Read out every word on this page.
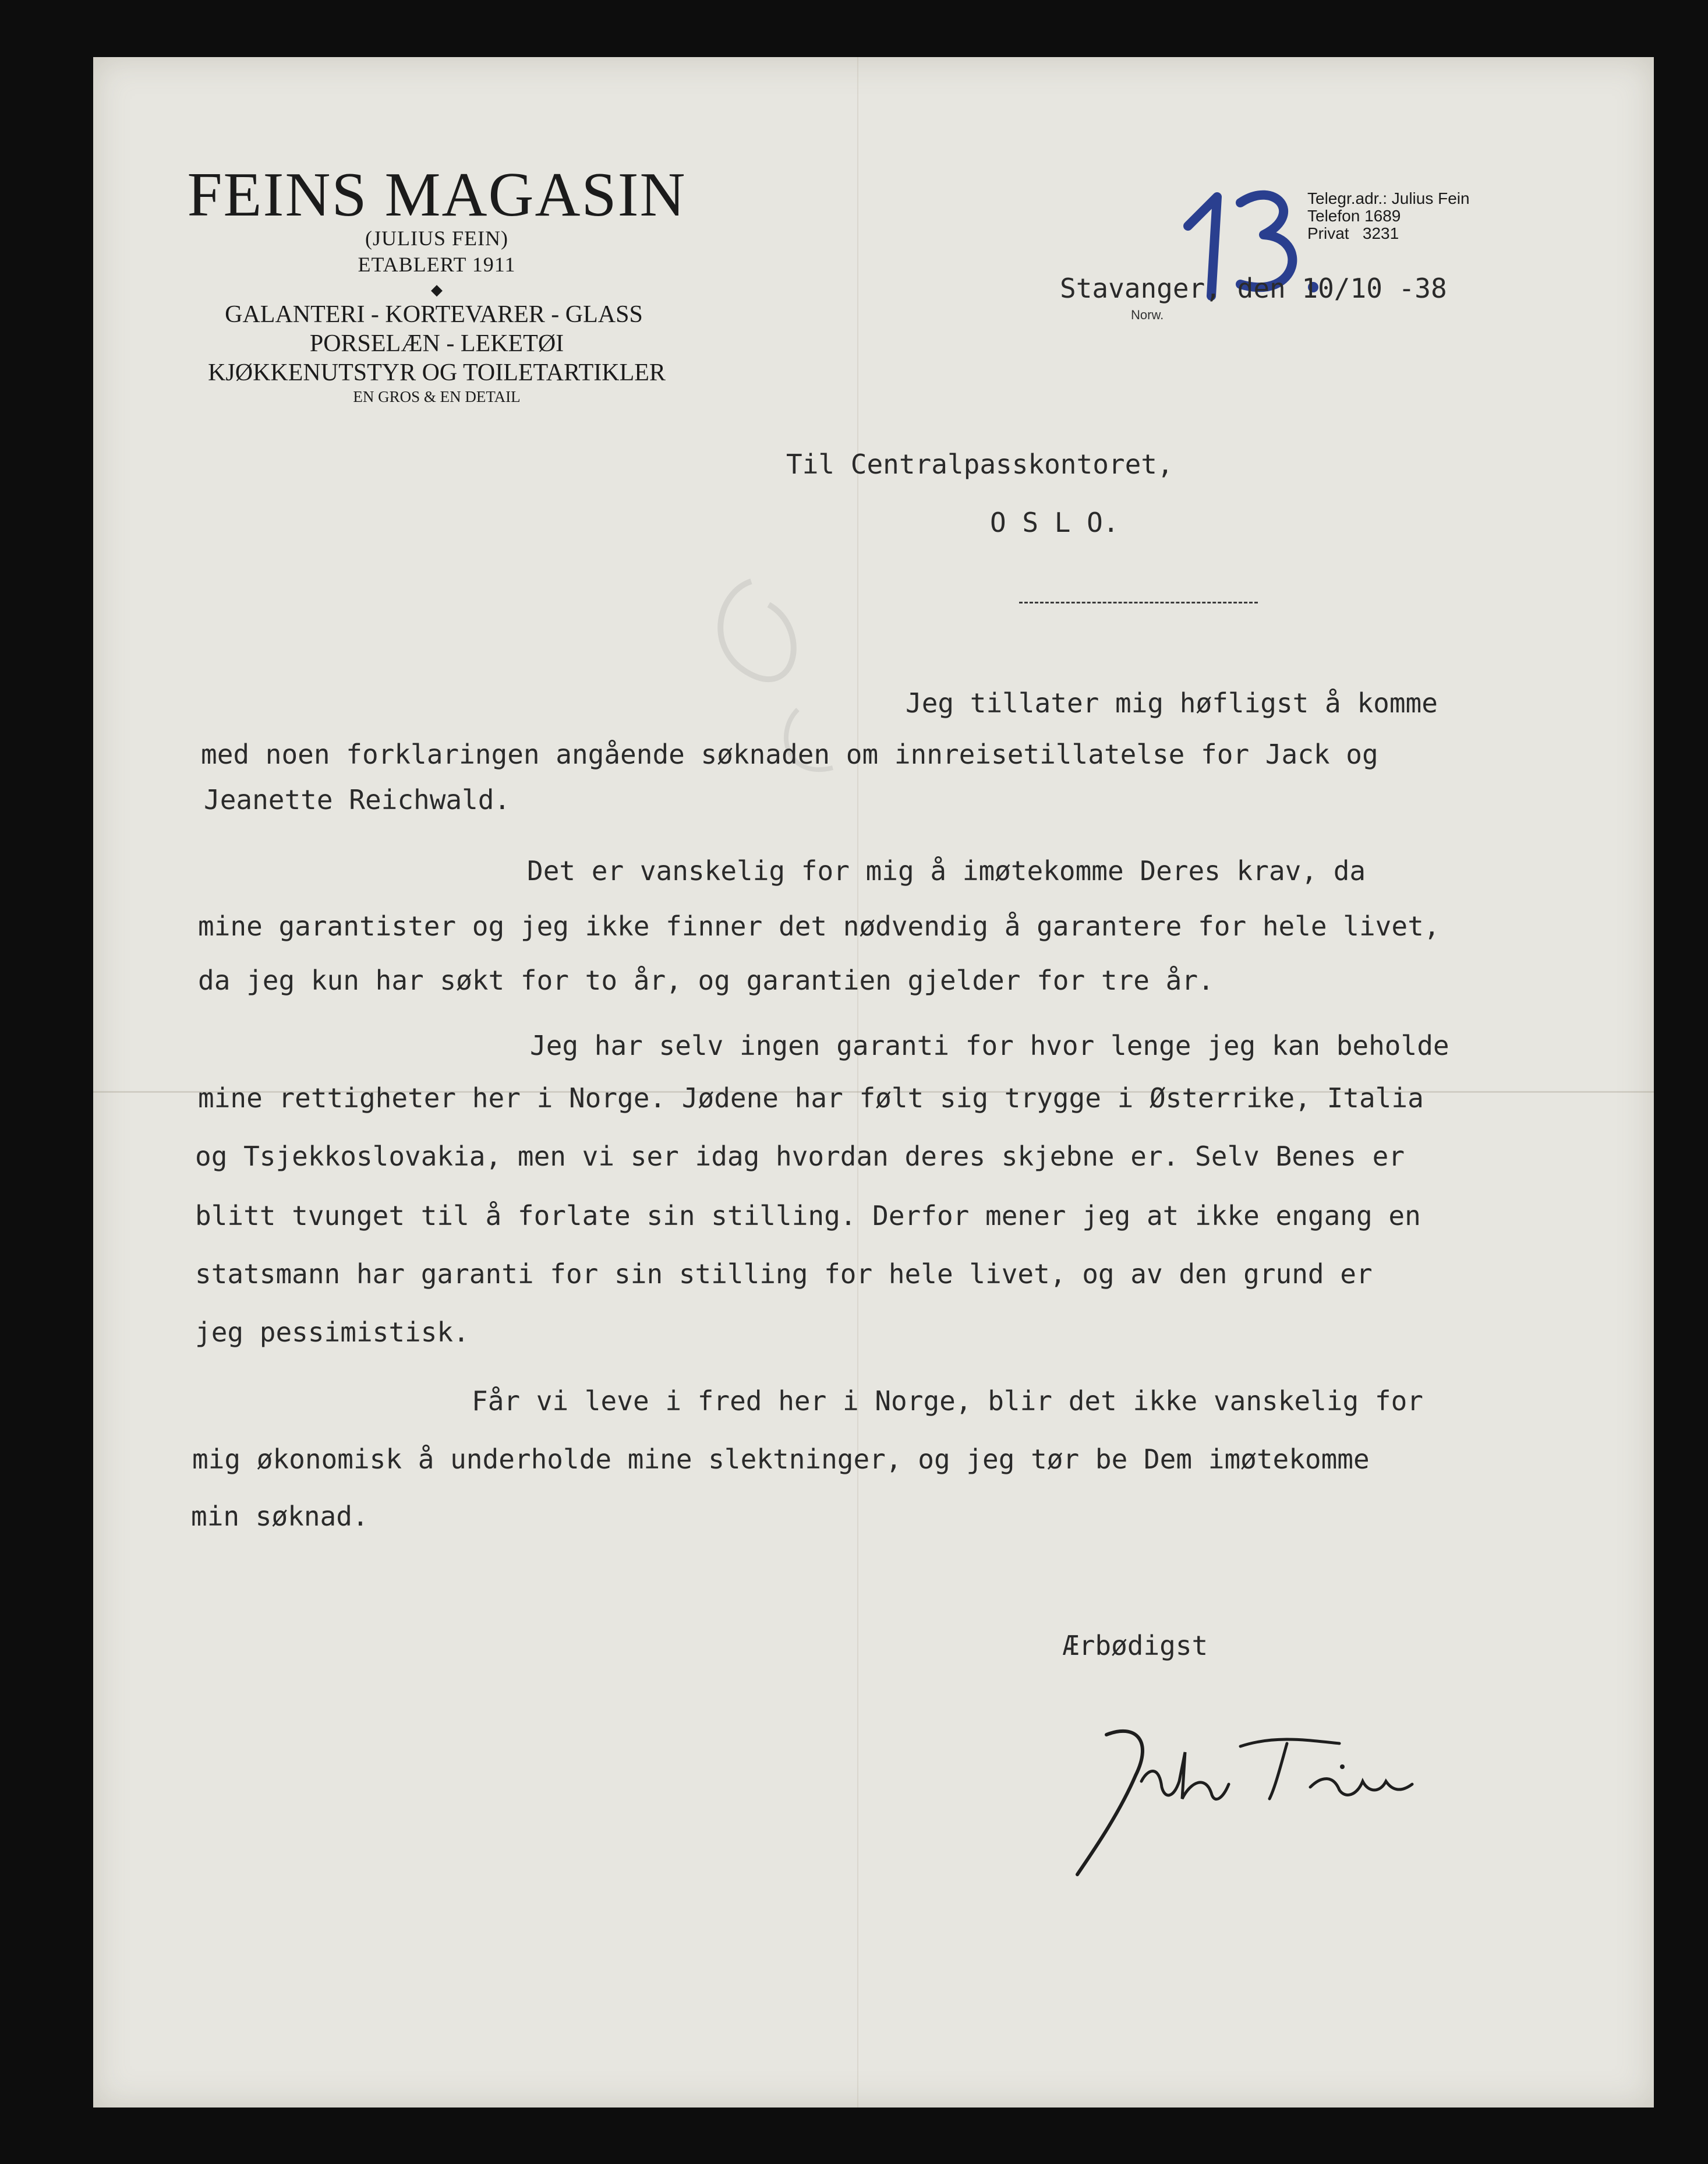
FEINS MAGASIN
(JULIUS FEIN)
ETABLERT 1911
◆
GALANTERI - KORTEVARER - GLASS
PORSELÆN - LEKETØI
KJØKKENUTSTYR OG TOILETARTIKLER
EN GROS & EN DETAIL
Telegr.adr.: Julius Fein
Telefon 1689
Privat   3231
Stavanger, den 10/10 -38
Norw.
Til Centralpasskontoret,
O S L O.
Jeg tillater mig høfligst å komme
med noen forklaringen angående søknaden om innreisetillatelse for Jack og
Jeanette Reichwald.
Det er vanskelig for mig å imøtekomme Deres krav, da
mine garantister og jeg ikke finner det nødvendig å garantere for hele livet,
da jeg kun har søkt for to år, og garantien gjelder for tre år.
Jeg har selv ingen garanti for hvor lenge jeg kan beholde
mine rettigheter her i Norge. Jødene har følt sig trygge i Østerrike, Italia
og Tsjekkoslovakia, men vi ser idag hvordan deres skjebne er. Selv Benes er
blitt tvunget til å forlate sin stilling. Derfor mener jeg at ikke engang en
statsmann har garanti for sin stilling for hele livet, og av den grund er
jeg pessimistisk.
Får vi leve i fred her i Norge, blir det ikke vanskelig for
mig økonomisk å underholde mine slektninger, og jeg tør be Dem imøtekomme
min søknad.
Ærbødigst
